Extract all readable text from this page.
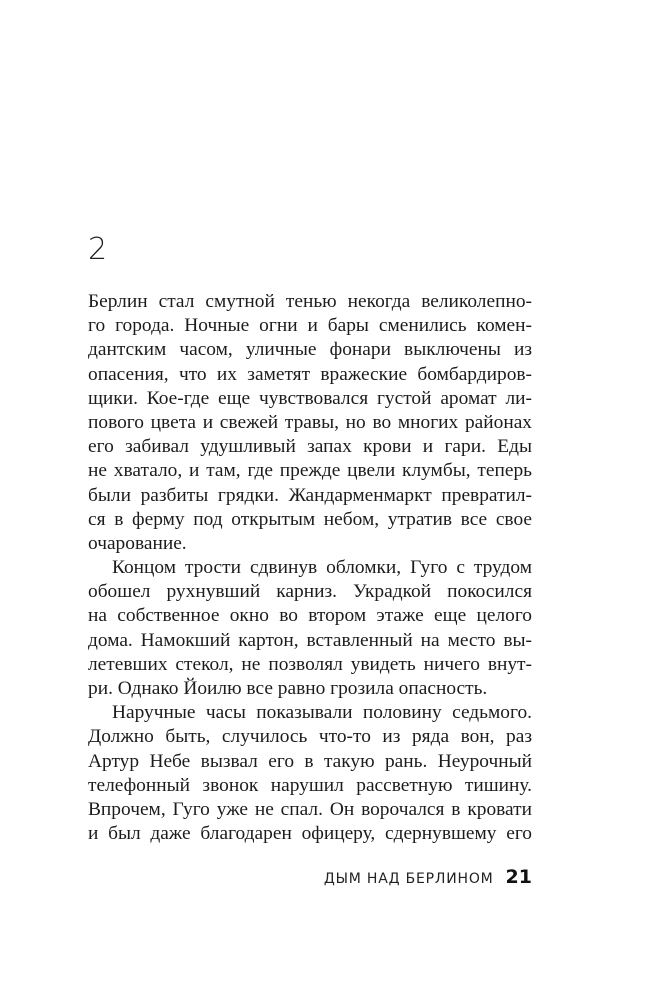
2
Берлин стал смутной тенью некогда великолепно-
го города. Ночные огни и бары сменились комен-
дантским часом, уличные фонари выключены из
опасения, что их заметят вражеские бомбардиров-
щики. Кое-где еще чувствовался густой аромат ли-
пового цвета и свежей травы, но во многих районах
его забивал удушливый запах крови и гари. Еды
не хватало, и там, где прежде цвели клумбы, теперь
были разбиты грядки. Жандарменмаркт превратил-
ся в ферму под открытым небом, утратив все свое
очарование.
Концом трости сдвинув обломки, Гуго с трудом
обошел рухнувший карниз. Украдкой покосился
на собственное окно во втором этаже еще целого
дома. Намокший картон, вставленный на место вы-
летевших стекол, не позволял увидеть ничего внут-
ри. Однако Йоилю все равно грозила опасность.
Наручные часы показывали половину седьмого.
Должно быть, случилось что-то из ряда вон, раз
Артур Небе вызвал его в такую рань. Неурочный
телефонный звонок нарушил рассветную тишину.
Впрочем, Гуго уже не спал. Он ворочался в кровати
и был даже благодарен офицеру, сдернувшему его
ДЫМ НАД БЕРЛИНОМ 21
